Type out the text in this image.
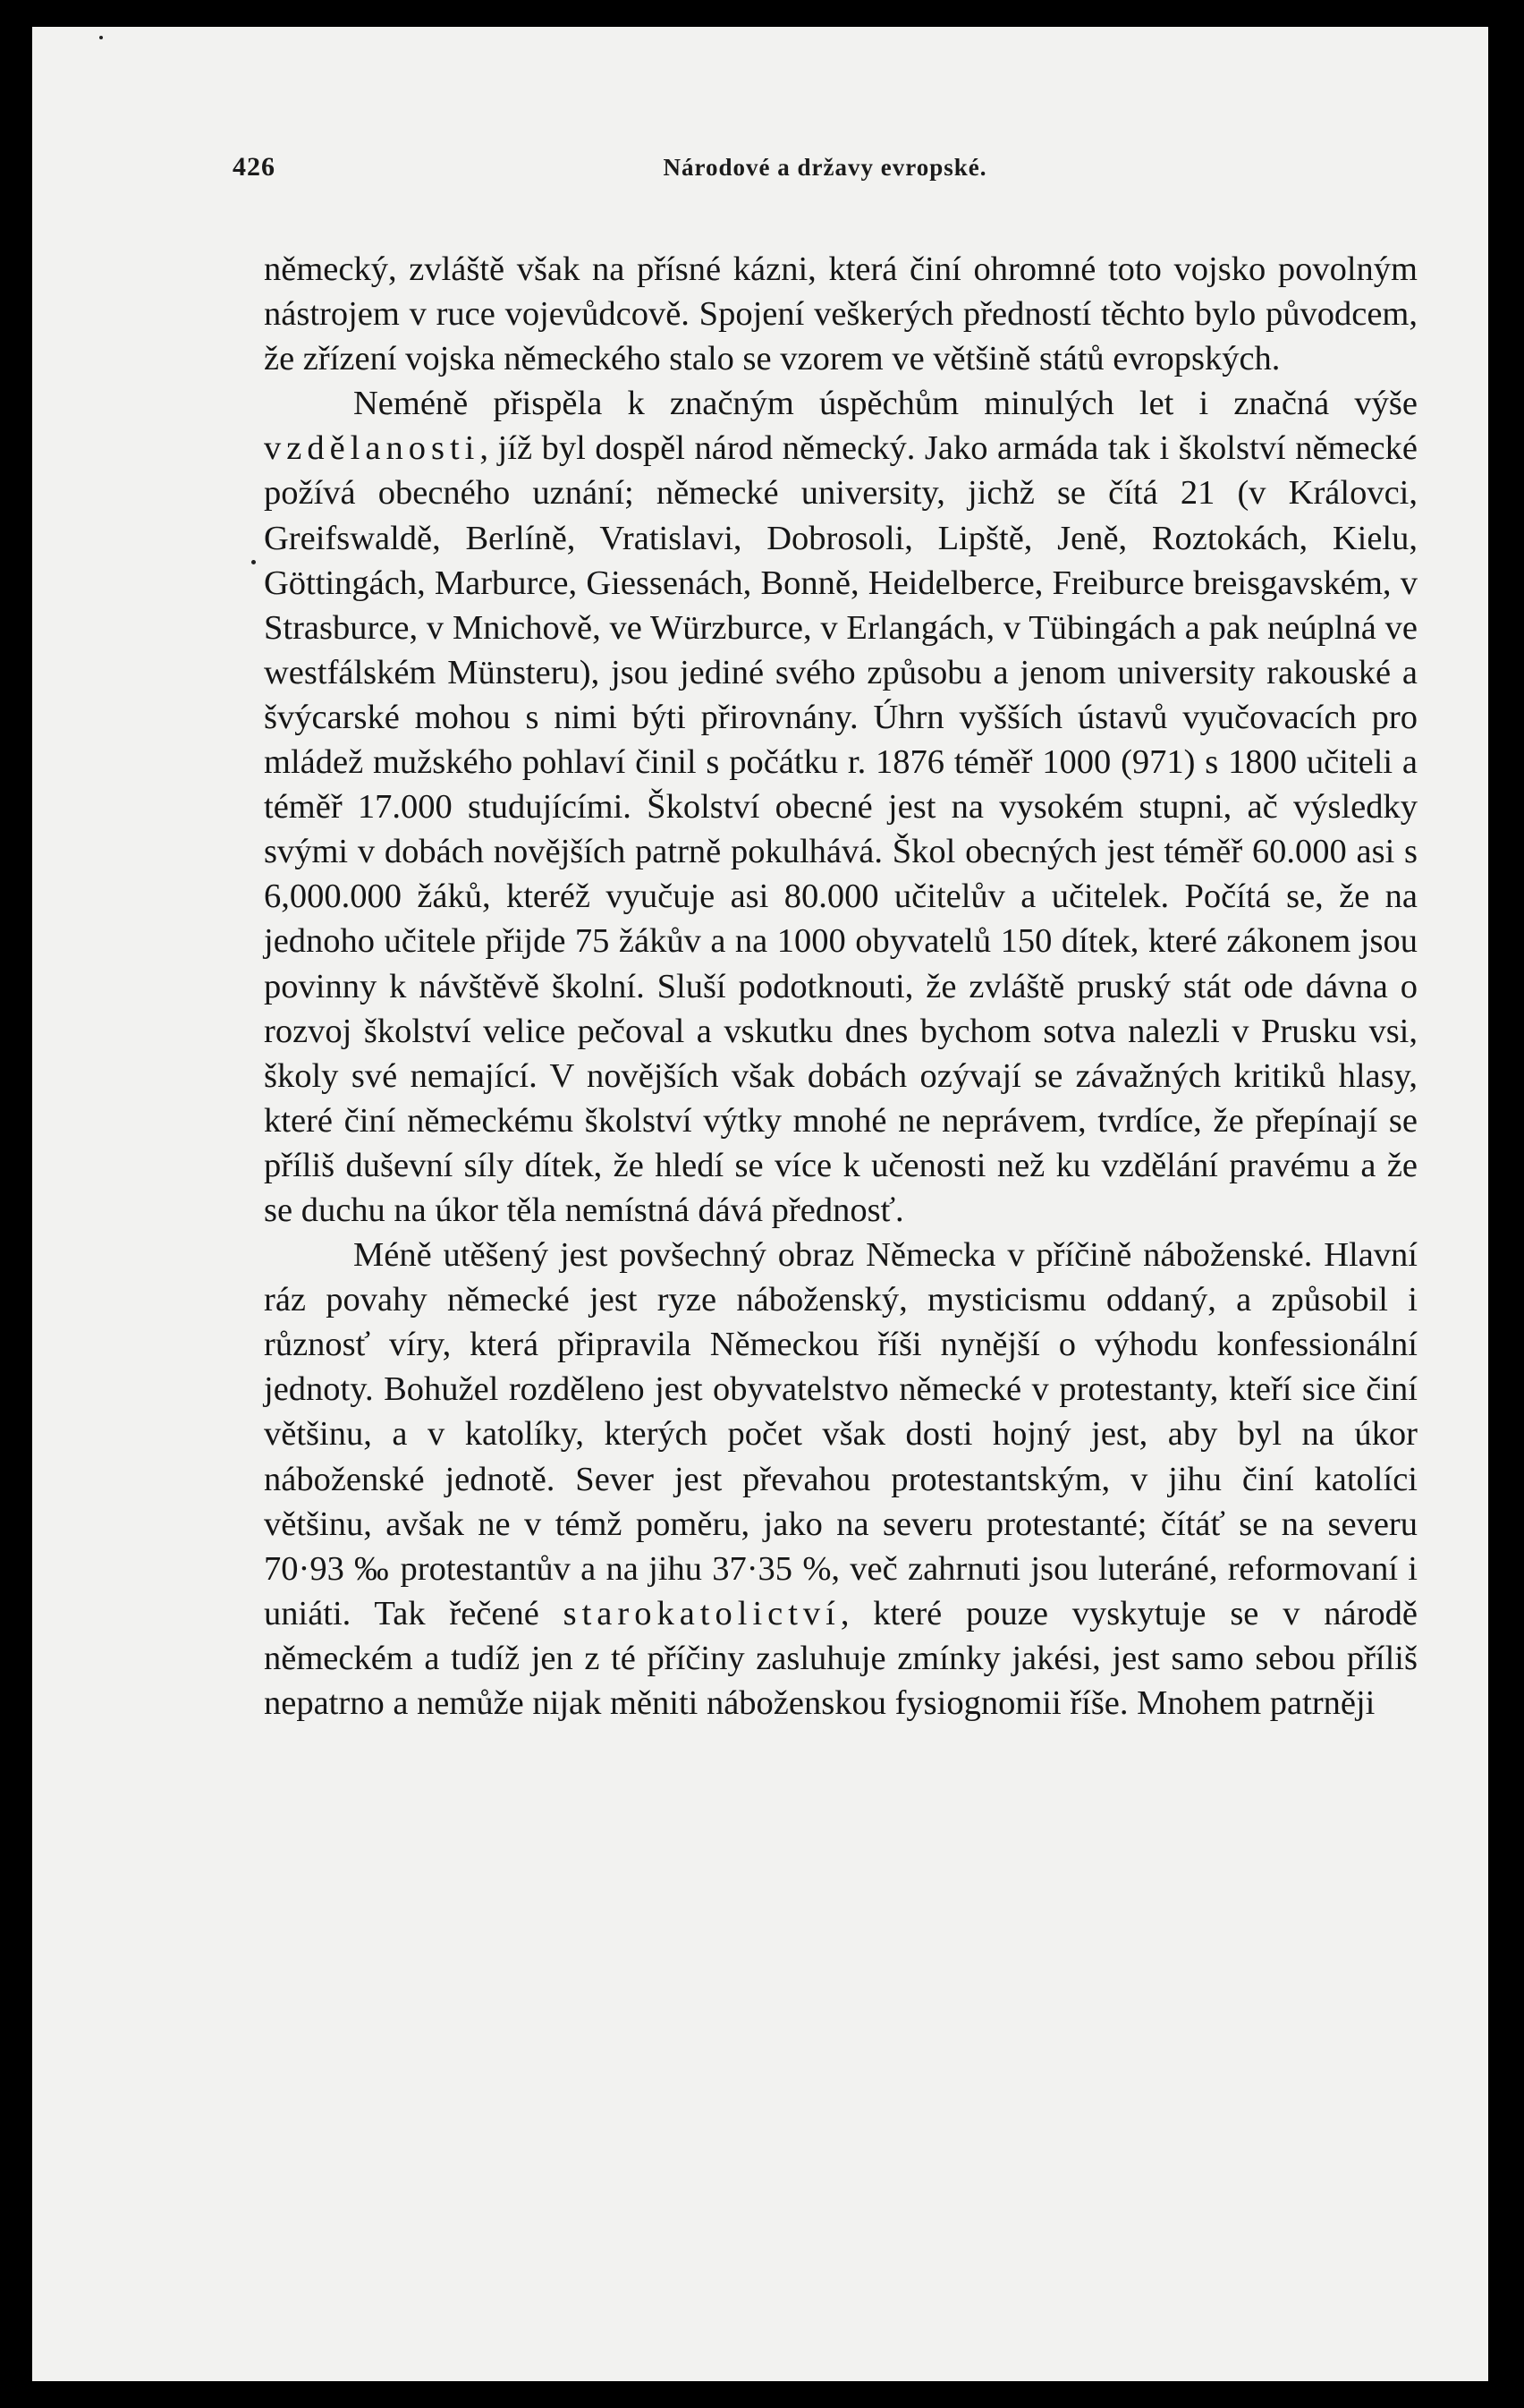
426	Národové a državy evropské.

německý, zvláště však na přísné kázni, která činí ohromné toto vojsko povolným nástrojem v ruce vojevůdcově. Spojení veškerých předností těchto bylo původcem, že zřízení vojska německého stalo se vzorem ve většině států evropských.

Neméně přispěla k značným úspěchům minulých let i značná výše vzdělanosti, jíž byl dospěl národ německý. Jako armáda tak i školství německé požívá obecného uznání; německé university, jichž se čítá 21 (v Královci, Greifswaldě, Berlíně, Vratislavi, Dobrosoli, Lipště, Jeně, Roztokách, Kielu, Göttingách, Marburce, Giessenách, Bonně, Heidelberce, Freiburce breisgavském, v Strasburce, v Mnichově, ve Würzburce, v Erlangách, v Tübingách a pak neúplná ve westfálském Münsteru), jsou jediné svého způsobu a jenom university rakouské a švýcarské mohou s nimi býti přirovnány. Úhrn vyšších ústavů vyučovacích pro mládež mužského pohlaví činil s počátku r. 1876 téměř 1000 (971) s 1800 učiteli a téměř 17.000 studujícími. Školství obecné jest na vysokém stupni, ač výsledky svými v dobách novějších patrně pokulhává. Škol obecných jest téměř 60.000 asi s 6,000.000 žáků, kteréž vyučuje asi 80.000 učitelův a učitelek. Počítá se, že na jednoho učitele přijde 75 žákův a na 1000 obyvatelů 150 dítek, které zákonem jsou povinny k návštěvě školní. Sluší podotknouti, že zvláště pruský stát ode dávna o rozvoj školství velice pečoval a vskutku dnes bychom sotva nalezli v Prusku vsi, školy své nemající. V novějších však dobách ozývají se závažných kritiků hlasy, které činí německému školství výtky mnohé ne neprávem, tvrdíce, že přepínají se příliš duševní síly dítek, že hledí se více k učenosti než ku vzdělání pravému a že se duchu na úkor těla nemístná dává přednosť.

Méně utěšený jest povšechný obraz Německa v příčině náboženské. Hlavní ráz povahy německé jest ryze náboženský, mysticismu oddaný, a způsobil i různosť víry, která připravila Německou říši nynější o výhodu konfessionální jednoty. Bohužel rozděleno jest obyvatelstvo německé v protestanty, kteří sice činí většinu, a v katolíky, kterých počet však dosti hojný jest, aby byl na úkor náboženské jednotě. Sever jest převahou protestantským, v jihu činí katolíci většinu, avšak ne v témž poměru, jako na severu protestanté; čítáť se na severu 70·93 ‰ protestantův a na jihu 37·35 %, več zahrnuti jsou luteráné, reformovaní i uniáti. Tak řečené starokatolictví, které pouze vyskytuje se v národě německém a tudíž jen z té příčiny zasluhuje zmínky jakési, jest samo sebou příliš nepatrno a nemůže nijak měniti náboženskou fysiognomii říše. Mnohem patrněji
